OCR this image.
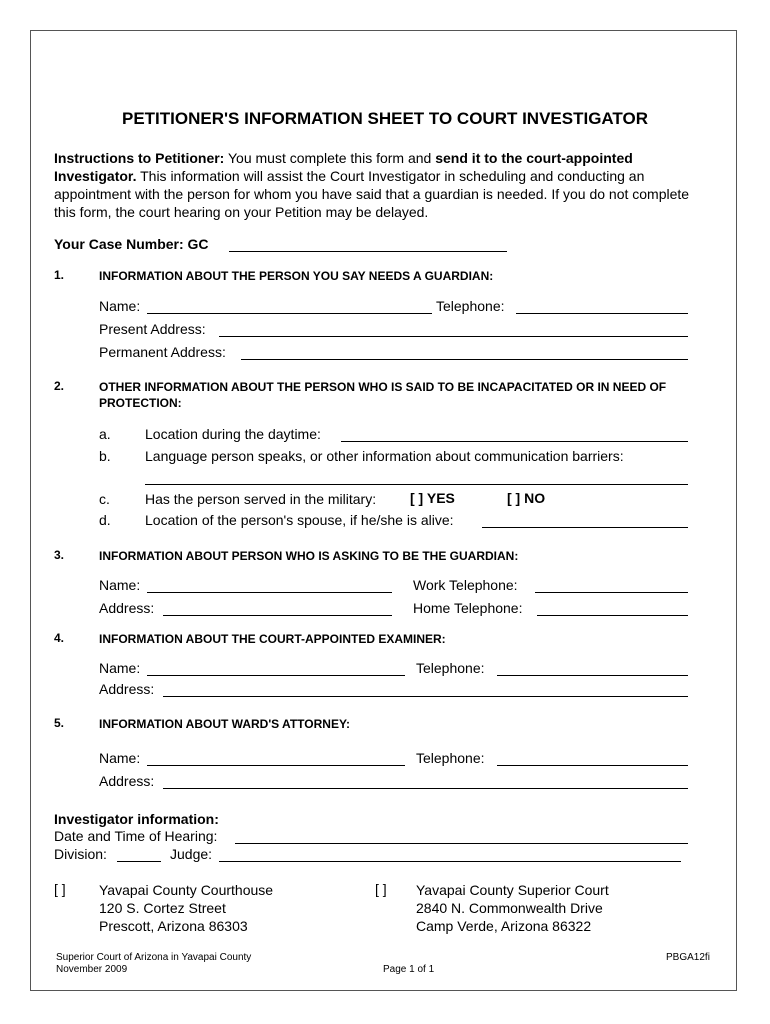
PETITIONER'S INFORMATION SHEET TO COURT INVESTIGATOR
Instructions to Petitioner: You must complete this form and send it to the court-appointed Investigator. This information will assist the Court Investigator in scheduling and conducting an appointment with the person for whom you have said that a guardian is needed. If you do not complete this form, the court hearing on your Petition may be delayed.
Your Case Number: GC
1.	INFORMATION ABOUT THE PERSON YOU SAY NEEDS A GUARDIAN:
Name:	Telephone:
Present Address:
Permanent Address:
2.	OTHER INFORMATION ABOUT THE PERSON WHO IS SAID TO BE INCAPACITATED OR IN NEED OF PROTECTION:
a. Location during the daytime:
b. Language person speaks, or other information about communication barriers:
c.	Has the person served in the military: [ ] YES	[ ] NO
d. Location of the person's spouse, if he/she is alive:
3.	INFORMATION ABOUT PERSON WHO IS ASKING TO BE THE GUARDIAN:
Name:	Work Telephone:
Address:	Home Telephone:
4.	INFORMATION ABOUT THE COURT-APPOINTED EXAMINER:
Name:	Telephone:
Address:
5.	INFORMATION ABOUT WARD'S ATTORNEY:
Name:	Telephone:
Address:
Investigator information:
Date and Time of Hearing:
Division:	Judge:
[ ] Yavapai County Courthouse
120 S. Cortez Street
Prescott, Arizona 86303
[ ] Yavapai County Superior Court
2840 N. Commonwealth Drive
Camp Verde, Arizona 86322
Superior Court of Arizona in Yavapai County
November 2009	Page 1 of 1
PBGA12fi
